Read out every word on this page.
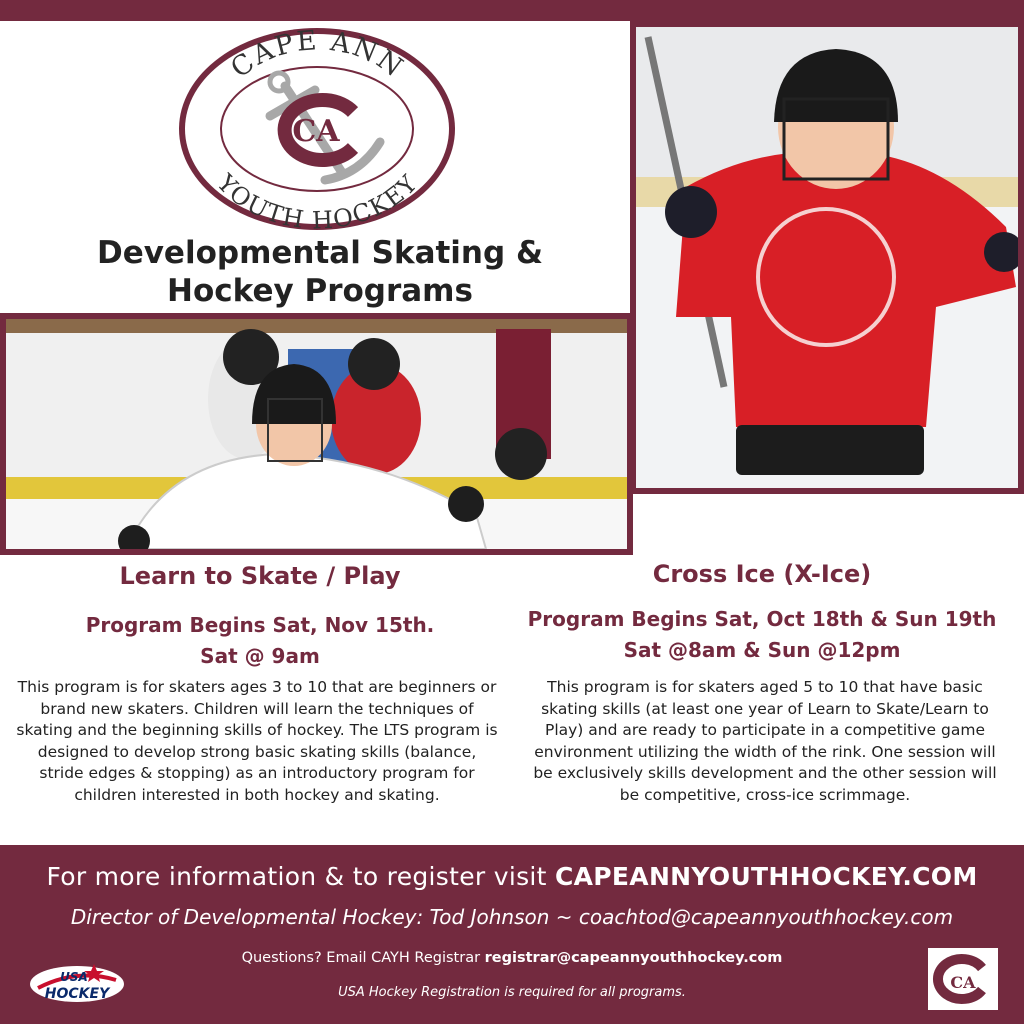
CA
CAPE ANN
YOUTH HOCKEY
Developmental Skating &
Hockey Programs
Learn to Skate / Play
Program Begins Sat, Nov 15th.
Sat @ 9am
This program is for skaters ages 3 to 10 that are beginners or brand new skaters. Children will learn the techniques of skating and the beginning skills of hockey. The LTS program is designed to develop strong basic skating skills (balance, stride edges & stopping) as an introductory program for children interested in both hockey and skating.
Cross Ice (X-Ice)
Program Begins Sat, Oct 18th & Sun 19th
Sat @8am & Sun @12pm
This program is for skaters aged 5 to 10 that have basic skating skills (at least one year of Learn to Skate/Learn to Play) and are ready to participate in a competitive game environment utilizing the width of the rink. One session will be exclusively skills development and the other session will be competitive, cross-ice scrimmage.
For more information & to register visit CAPEANNYOUTHHOCKEY.COM
Director of Developmental Hockey: Tod Johnson ~ coachtod@capeannyouthhockey.com
Questions? Email CAYH Registrar registrar@capeannyouthhockey.com
USA Hockey Registration is required for all programs.
USA
HOCKEY
CA
